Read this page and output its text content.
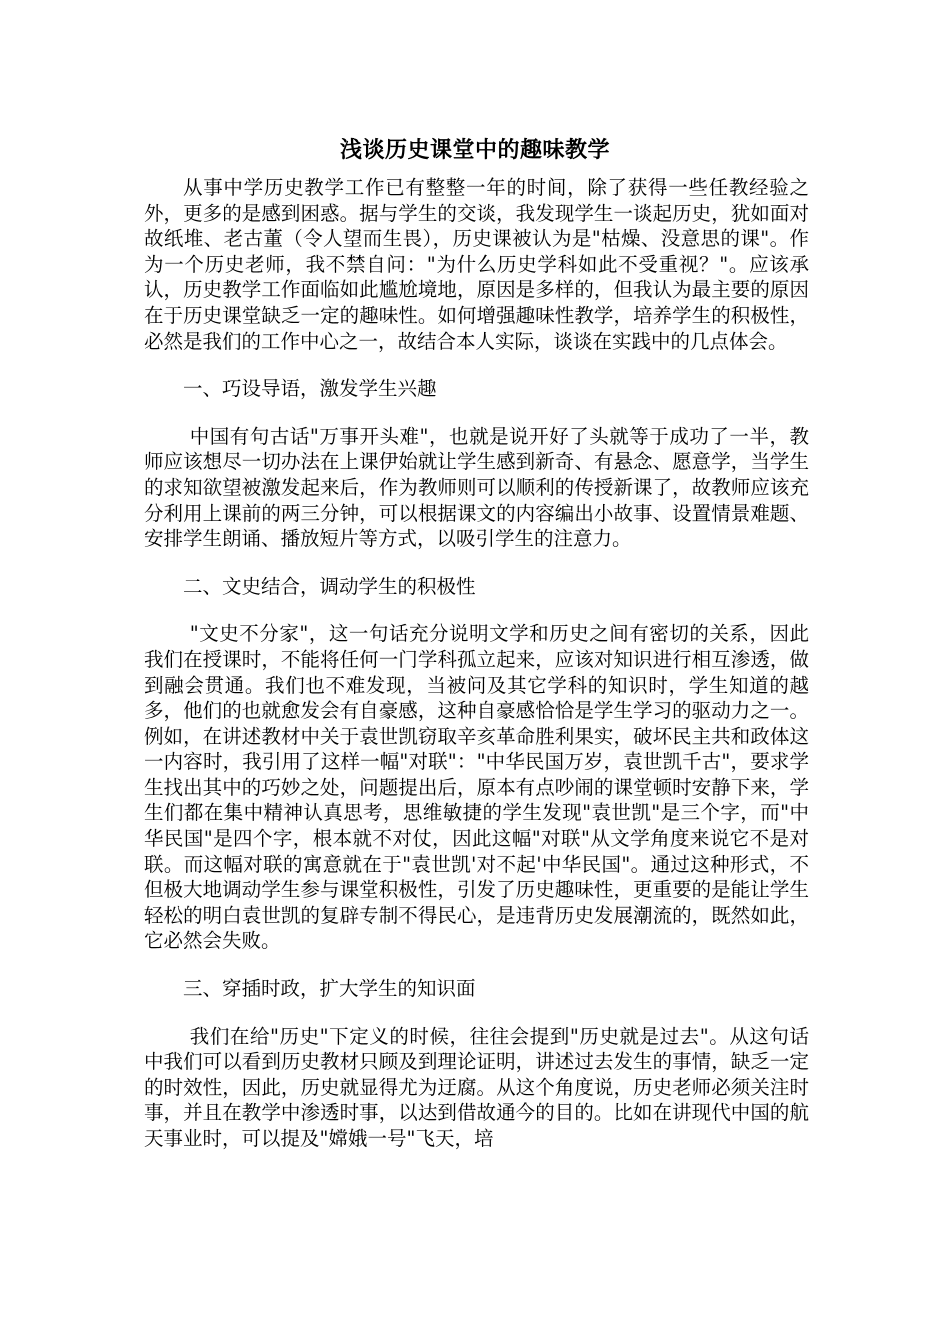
浅谈历史课堂中的趣味教学

从事中学历史教学工作已有整整一年的时间，除了获得一些任教经验之外，更多的是感到困惑。据与学生的交谈，我发现学生一谈起历史，犹如面对故纸堆、老古董（令人望而生畏），历史课被认为是"枯燥、没意思的课"。作为一个历史老师，我不禁自问："为什么历史学科如此不受重视？"。应该承认，历史教学工作面临如此尴尬境地，原因是多样的，但我认为最主要的原因在于历史课堂缺乏一定的趣味性。如何增强趣味性教学，培养学生的积极性，必然是我们的工作中心之一，故结合本人实际，谈谈在实践中的几点体会。

一、巧设导语，激发学生兴趣

中国有句古话"万事开头难"，也就是说开好了头就等于成功了一半，教师应该想尽一切办法在上课伊始就让学生感到新奇、有悬念、愿意学，当学生的求知欲望被激发起来后，作为教师则可以顺利的传授新课了，故教师应该充分利用上课前的两三分钟，可以根据课文的内容编出小故事、设置情景难题、安排学生朗诵、播放短片等方式，以吸引学生的注意力。

二、文史结合，调动学生的积极性

"文史不分家"，这一句话充分说明文学和历史之间有密切的关系，因此我们在授课时，不能将任何一门学科孤立起来，应该对知识进行相互渗透，做到融会贯通。我们也不难发现，当被问及其它学科的知识时，学生知道的越多，他们的也就愈发会有自豪感，这种自豪感恰恰是学生学习的驱动力之一。例如，在讲述教材中关于袁世凯窃取辛亥革命胜利果实，破坏民主共和政体这一内容时，我引用了这样一幅"对联"："中华民国万岁，袁世凯千古"，要求学生找出其中的巧妙之处，问题提出后，原本有点吵闹的课堂顿时安静下来，学生们都在集中精神认真思考，思维敏捷的学生发现"袁世凯"是三个字，而"中华民国"是四个字，根本就不对仗，因此这幅"对联"从文学角度来说它不是对联。而这幅对联的寓意就在于"袁世凯'对不起'中华民国"。通过这种形式，不但极大地调动学生参与课堂积极性，引发了历史趣味性，更重要的是能让学生轻松的明白袁世凯的复辟专制不得民心，是违背历史发展潮流的，既然如此，它必然会失败。

三、穿插时政，扩大学生的知识面

我们在给"历史"下定义的时候，往往会提到"历史就是过去"。从这句话中我们可以看到历史教材只顾及到理论证明，讲述过去发生的事情，缺乏一定的时效性，因此，历史就显得尤为迂腐。从这个角度说，历史老师必须关注时事，并且在教学中渗透时事，以达到借故通今的目的。比如在讲现代中国的航天事业时，可以提及"嫦娥一号"飞天，培
